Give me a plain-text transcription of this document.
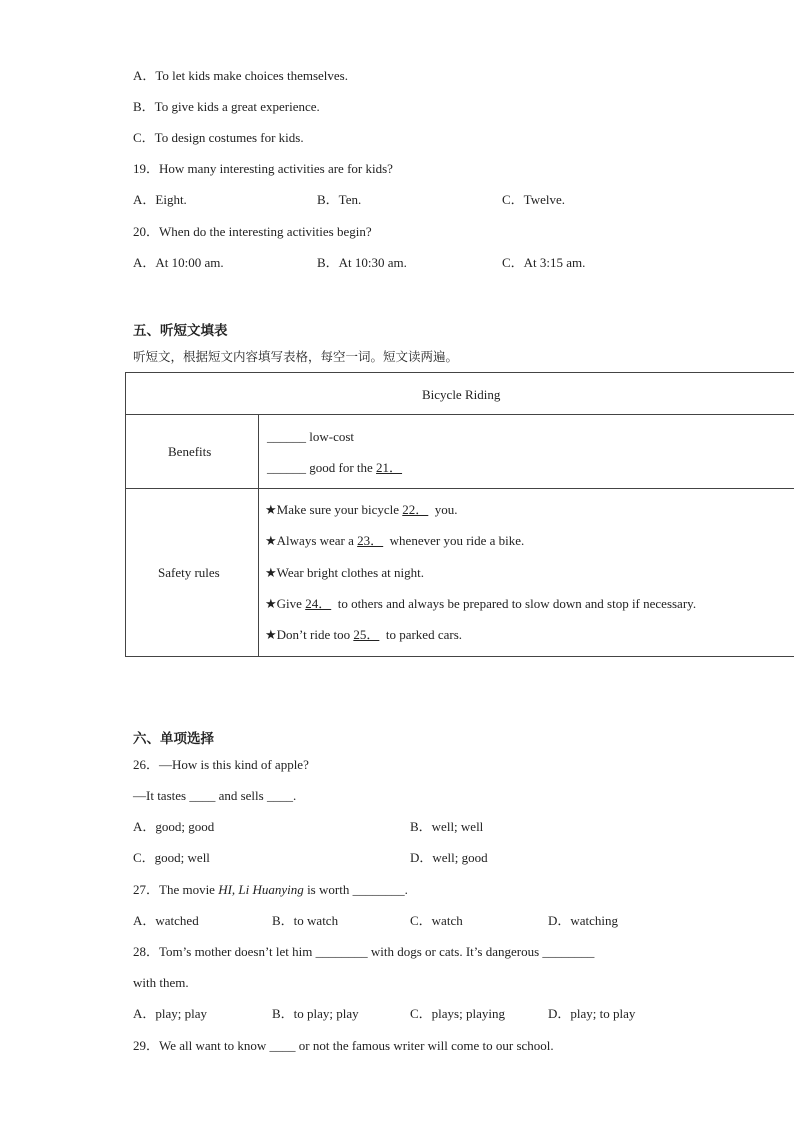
A．To let kids make choices themselves.
B．To give kids a great experience.
C．To design costumes for kids.
19．How many interesting activities are for kids?
A．Eight.	B．Ten.	C．Twelve.
20．When do the interesting activities begin?
A．At 10:00 am.	B．At 10:30 am.	C．At 3:15 am.
五、听短文填表
听短文，根据短文内容填写表格，每空一词。短文读两遍。
Bicycle Riding
Benefits
______ low-cost
______ good for the 21．
Safety rules
★Make sure your bicycle 22． you.
★Always wear a 23． whenever you ride a bike.
★Wear bright clothes at night.
★Give 24． to others and always be prepared to slow down and stop if necessary.
★Don’t ride too 25． to parked cars.
六、单项选择
26．—How is this kind of apple?
—It tastes ____ and sells ____.
A．good; good	B．well; well
C．good; well	D．well; good
27．The movie HI, Li Huanying is worth ________.
A．watched	B．to watch	C．watch	D．watching
28．Tom’s mother doesn’t let him ________ with dogs or cats. It’s dangerous ________
with them.
A．play; play	B．to play; play	C．plays; playing	D．play; to play
29．We all want to know ____ or not the famous writer will come to our school.
